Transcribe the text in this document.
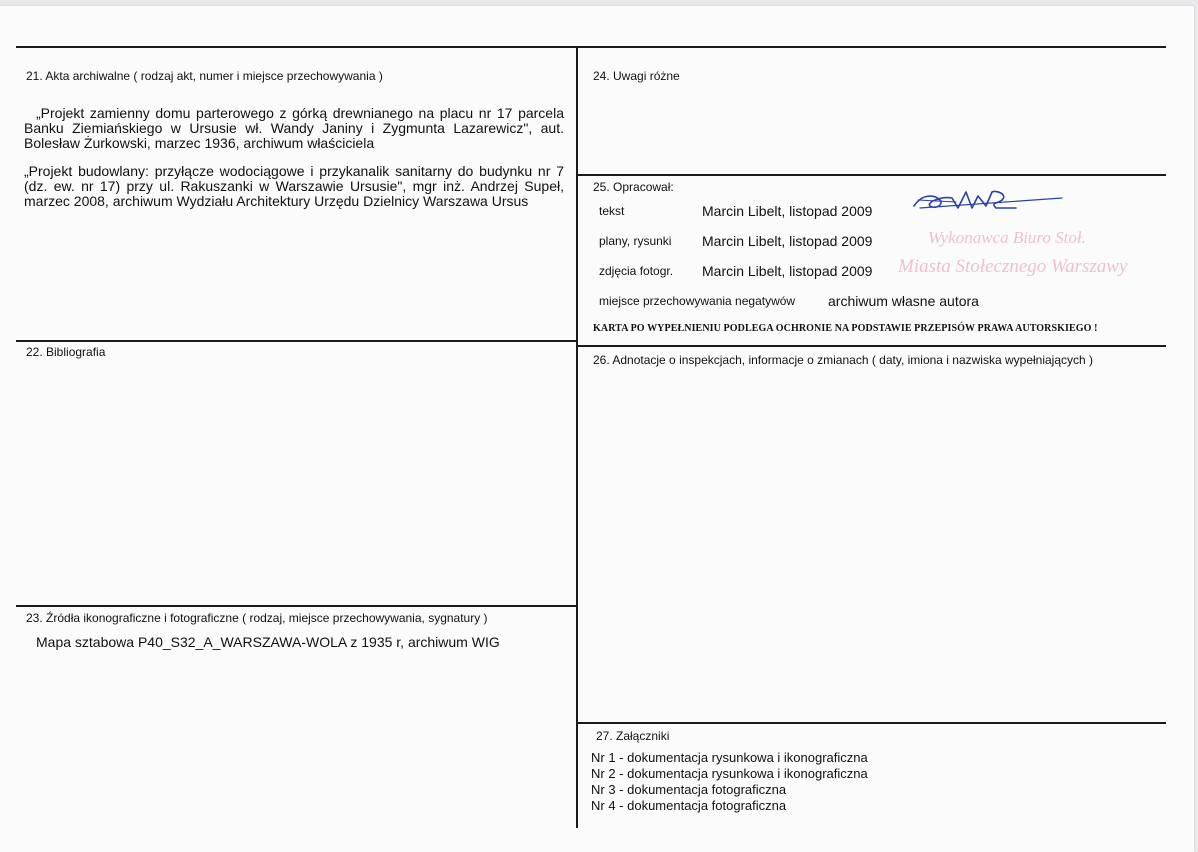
21. Akta archiwalne ( rodzaj akt, numer i miejsce przechowywania )
„Projekt zamienny domu parterowego z górką drewnianego na placu nr 17 parcela Banku Ziemiańskiego w Ursusie wł. Wandy Janiny i Zygmunta Lazarewicz", aut. Bolesław Żurkowski, marzec 1936, archiwum właściciela
„Projekt budowlany: przyłącze wodociągowe i przykanalik sanitarny do budynku nr 7 (dz. ew. nr 17) przy ul. Rakuszanki w Warszawie Ursusie", mgr inż. Andrzej Supeł, marzec 2008, archiwum Wydziału Architektury Urzędu Dzielnicy Warszawa Ursus
22. Bibliografia
23. Źródła ikonograficzne i fotograficzne ( rodzaj, miejsce przechowywania, sygnatury )
Mapa sztabowa P40_S32_A_WARSZAWA-WOLA z 1935 r, archiwum WIG
24. Uwagi różne
25. Opracował:
tekst	Marcin Libelt, listopad 2009
plany, rysunki Marcin Libelt, listopad 2009
zdjęcia fotogr. Marcin Libelt, listopad 2009
miejsce przechowywania negatywów archiwum własne autora
KARTA PO WYPEŁNIENIU PODLEGA OCHRONIE NA PODSTAWIE PRZEPISÓW PRAWA AUTORSKIEGO !
Wykonawca Biuro Stoł.
Miasta Stołecznego Warszawy
26. Adnotacje o inspekcjach, informacje o zmianach ( daty, imiona i nazwiska wypełniających )
27. Załączniki
Nr 1 - dokumentacja rysunkowa i ikonograficzna
Nr 2 - dokumentacja rysunkowa i ikonograficzna
Nr 3 - dokumentacja fotograficzna
Nr 4 - dokumentacja fotograficzna
